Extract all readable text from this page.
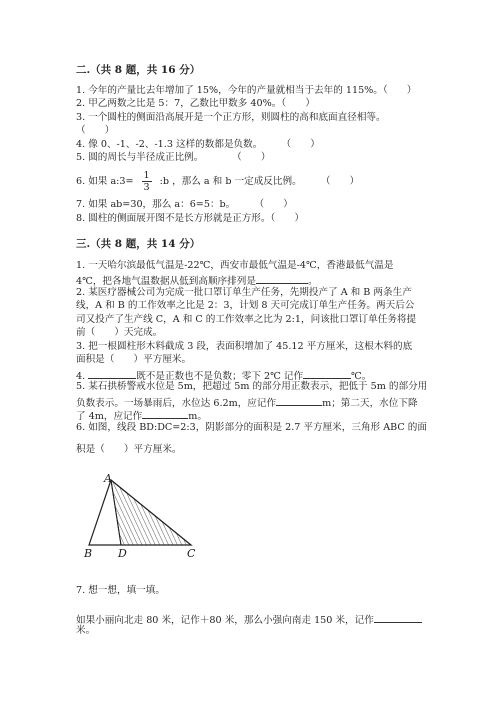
二.（共 8 题，共 16 分）
1. 今年的产量比去年增加了 15%，今年的产量就相当于去年的 115%。（　　）
2. 甲乙两数之比是 5：7，乙数比甲数多 40%。（　　）
3. 一个圆柱的侧面沿高展开是一个正方形，则圆柱的高和底面直径相等。
（　　）
4. 像 0、-1、-2、-1.3 这样的数都是负数。　　　（　　）
5. 圆的周长与半径成正比例。　　　　（　　）
6. 如果 a:3= $\frac{1}{3}$ :b ，那么 a 和 b 一定成反比例。　　　（　　）
7. 如果 ab=30，那么 a：6=5：b。　　　（　　）
8. 圆柱的侧面展开图不是长方形就是正方形。（　　）
三.（共 8 题，共 14 分）
1. 一天哈尔滨最低气温是-22℃，西安市最低气温是-4℃，香港最低气温是
4℃，把各地气温数据从低到高顺序排列是	。
2. 某医疗器械公司为完成一批口罩订单生产任务，先期投产了 A 和 B 两条生产
线，A 和 B 的工作效率之比是 2：3，计划 8 天可完成订单生产任务。两天后公
司又投产了生产线 C，A 和 C 的工作效率之比为 2:1，问该批口罩订单任务将提
前（　　）天完成。
3. 把一根圆柱形木料截成 3 段，表面积增加了 45.12 平方厘米，这根木料的底
面积是（　　）平方厘米。
4.	既不是正数也不是负数；零下 2℃ 记作	℃。
5. 某石拱桥警戒水位是 5m，把超过 5m 的部分用正数表示，把低于 5m 的部分用
负数表示。一场暴雨后，水位达 6.2m，应记作	m；第二天，水位下降
了 4m，应记作	m。
6. 如图，线段 BD:DC=2:3，阴影部分的面积是 2.7 平方厘米，三角形 ABC 的面
积是（　　）平方厘米。
A
B D	C
7. 想一想，填一填。
如果小丽向北走 80 米，记作＋80 米，那么小强向南走 150 米，记作
米。
